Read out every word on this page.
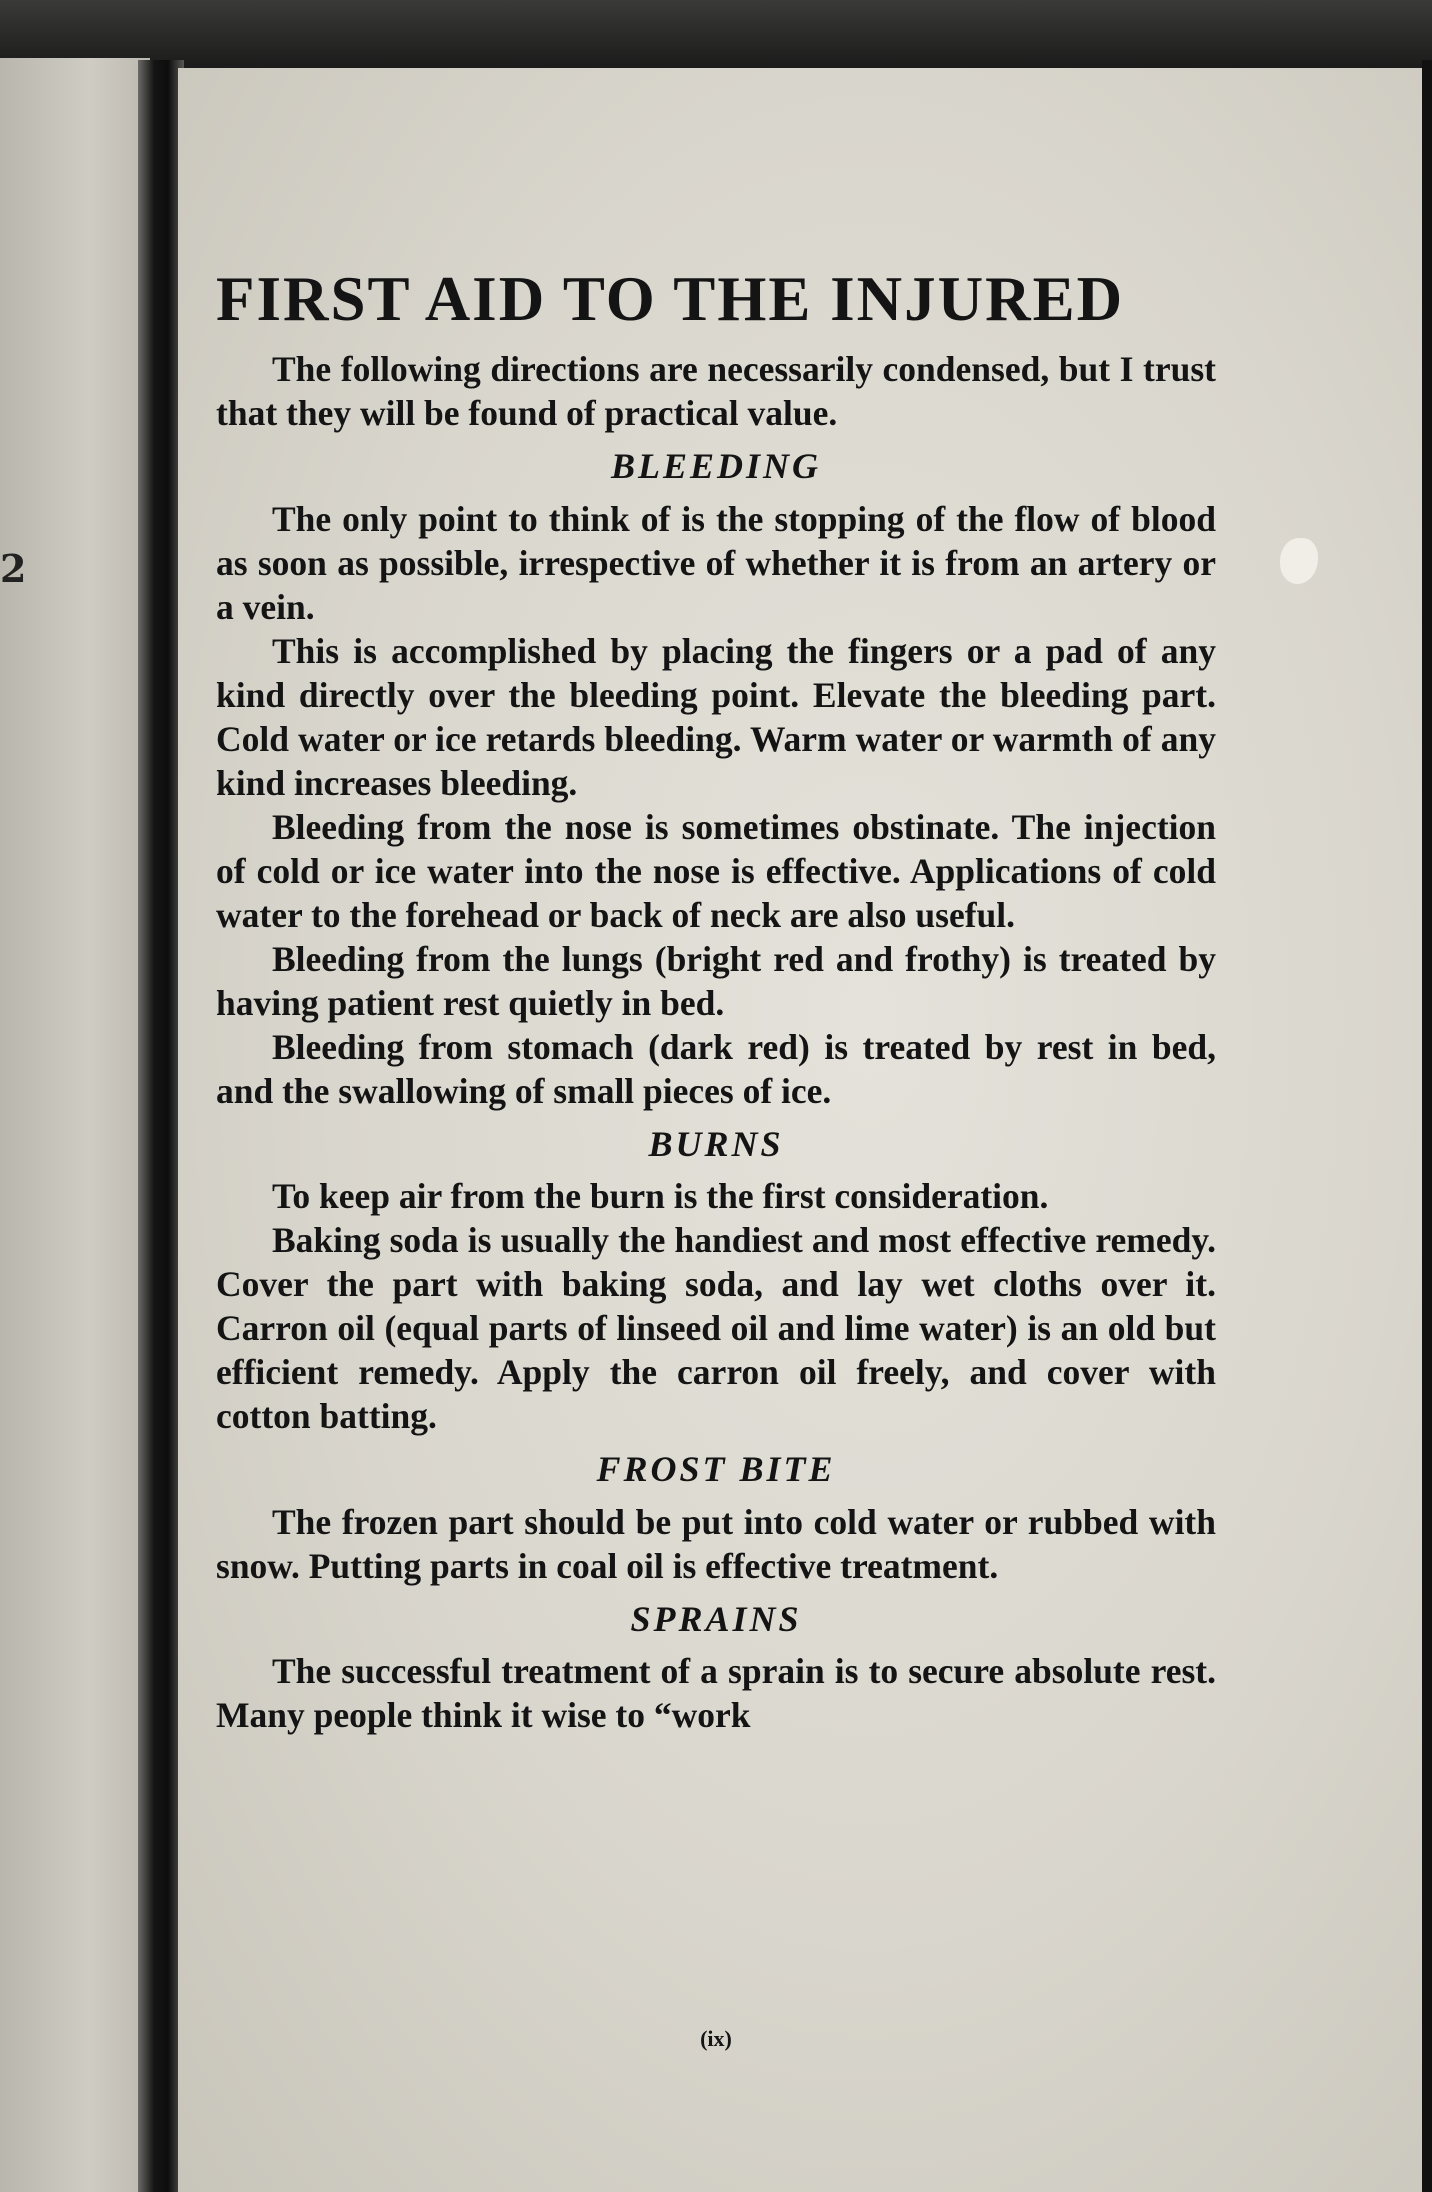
2
FIRST AID TO THE INJURED

The following directions are necessarily condensed, but I trust that they will be found of practical value.

BLEEDING

The only point to think of is the stopping of the flow of blood as soon as possible, irrespective of whether it is from an artery or a vein.

This is accomplished by placing the fingers or a pad of any kind directly over the bleeding point. Elevate the bleeding part. Cold water or ice retards bleeding. Warm water or warmth of any kind increases bleeding.

Bleeding from the nose is sometimes obstinate. The injection of cold or ice water into the nose is effective. Applications of cold water to the forehead or back of neck are also useful.

Bleeding from the lungs (bright red and frothy) is treated by having patient rest quietly in bed.

Bleeding from stomach (dark red) is treated by rest in bed, and the swallowing of small pieces of ice.

BURNS

To keep air from the burn is the first consideration.

Baking soda is usually the handiest and most effective remedy. Cover the part with baking soda, and lay wet cloths over it. Carron oil (equal parts of linseed oil and lime water) is an old but efficient remedy. Apply the carron oil freely, and cover with cotton batting.

FROST BITE

The frozen part should be put into cold water or rubbed with snow. Putting parts in coal oil is effective treatment.

SPRAINS

The successful treatment of a sprain is to secure absolute rest. Many people think it wise to “work

(ix)
